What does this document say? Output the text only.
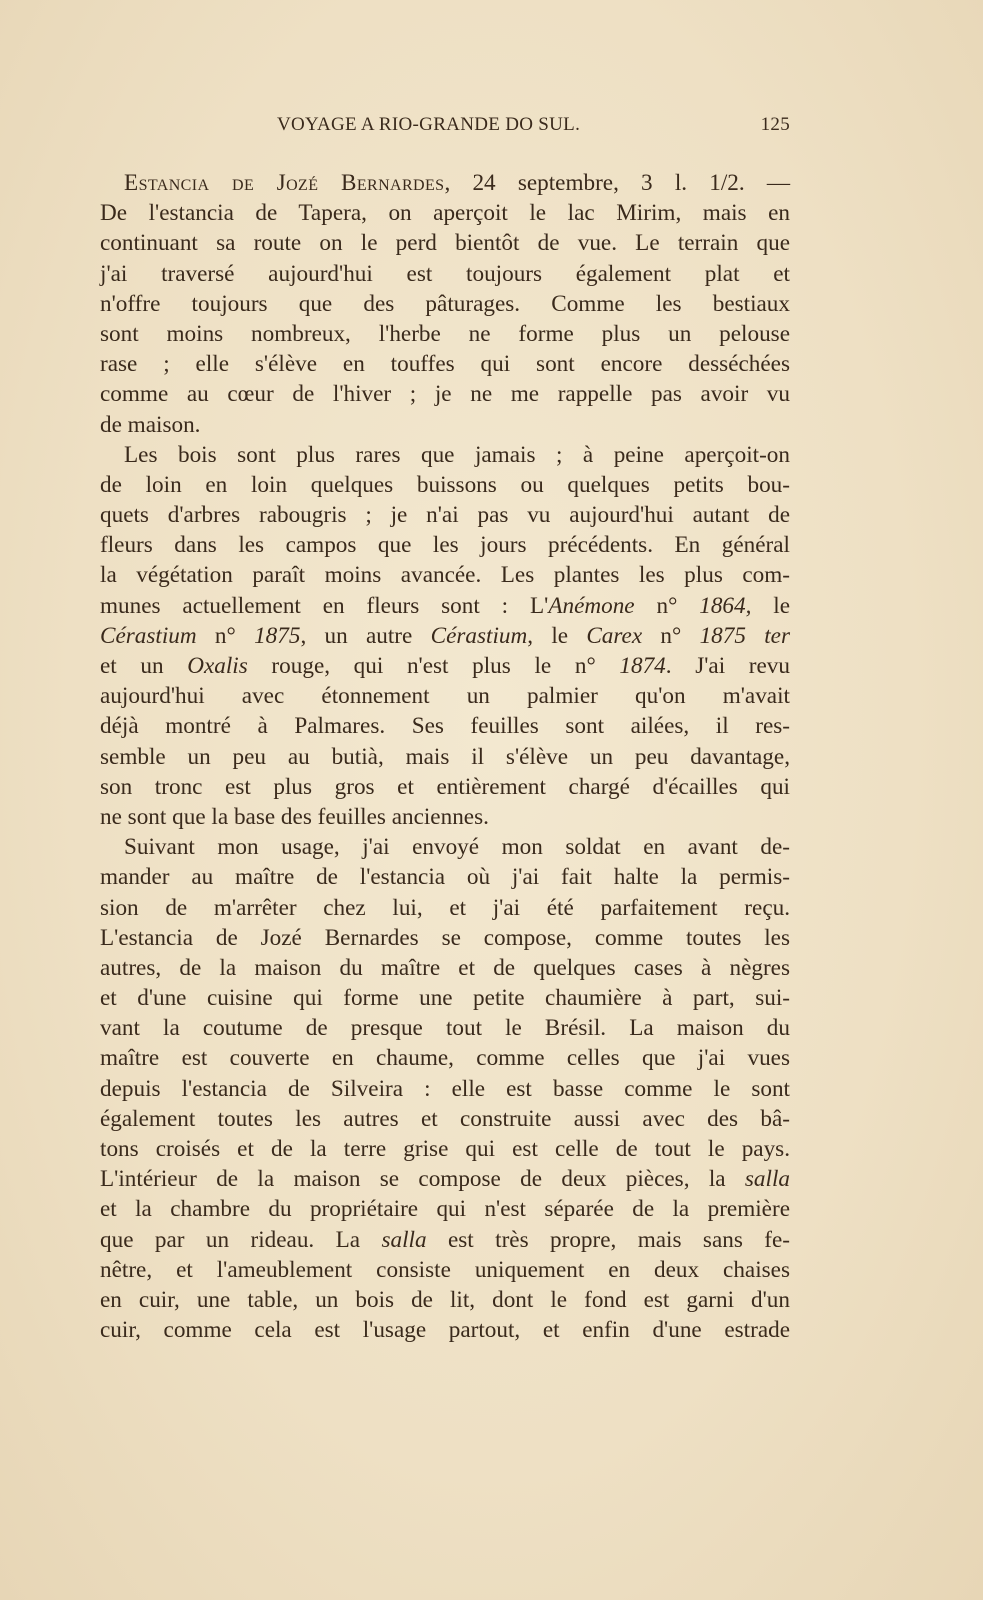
VOYAGE A RIO-GRANDE DO SUL.	125
Estancia de Jozé Bernardes, 24 septembre, 3 l. 1/2. —
De l'estancia de Tapera, on aperçoit le lac Mirim, mais en
continuant sa route on le perd bientôt de vue. Le terrain que
j'ai traversé aujourd'hui est toujours également plat et
n'offre toujours que des pâturages. Comme les bestiaux
sont moins nombreux, l'herbe ne forme plus un pelouse
rase ; elle s'élève en touffes qui sont encore desséchées
comme au cœur de l'hiver ; je ne me rappelle pas avoir vu
de maison.
Les bois sont plus rares que jamais ; à peine aperçoit-on
de loin en loin quelques buissons ou quelques petits bou-
quets d'arbres rabougris ; je n'ai pas vu aujourd'hui autant de
fleurs dans les campos que les jours précédents. En général
la végétation paraît moins avancée. Les plantes les plus com-
munes actuellement en fleurs sont : L'Anémone n° 1864, le
Cérastium n° 1875, un autre Cérastium, le Carex n° 1875 ter
et un Oxalis rouge, qui n'est plus le n° 1874. J'ai revu
aujourd'hui avec étonnement un palmier qu'on m'avait
déjà montré à Palmares. Ses feuilles sont ailées, il res-
semble un peu au butià, mais il s'élève un peu davantage,
son tronc est plus gros et entièrement chargé d'écailles qui
ne sont que la base des feuilles anciennes.
Suivant mon usage, j'ai envoyé mon soldat en avant de-
mander au maître de l'estancia où j'ai fait halte la permis-
sion de m'arrêter chez lui, et j'ai été parfaitement reçu.
L'estancia de Jozé Bernardes se compose, comme toutes les
autres, de la maison du maître et de quelques cases à nègres
et d'une cuisine qui forme une petite chaumière à part, sui-
vant la coutume de presque tout le Brésil. La maison du
maître est couverte en chaume, comme celles que j'ai vues
depuis l'estancia de Silveira : elle est basse comme le sont
également toutes les autres et construite aussi avec des bâ-
tons croisés et de la terre grise qui est celle de tout le pays.
L'intérieur de la maison se compose de deux pièces, la salla
et la chambre du propriétaire qui n'est séparée de la première
que par un rideau. La salla est très propre, mais sans fe-
nêtre, et l'ameublement consiste uniquement en deux chaises
en cuir, une table, un bois de lit, dont le fond est garni d'un
cuir, comme cela est l'usage partout, et enfin d'une estrade
